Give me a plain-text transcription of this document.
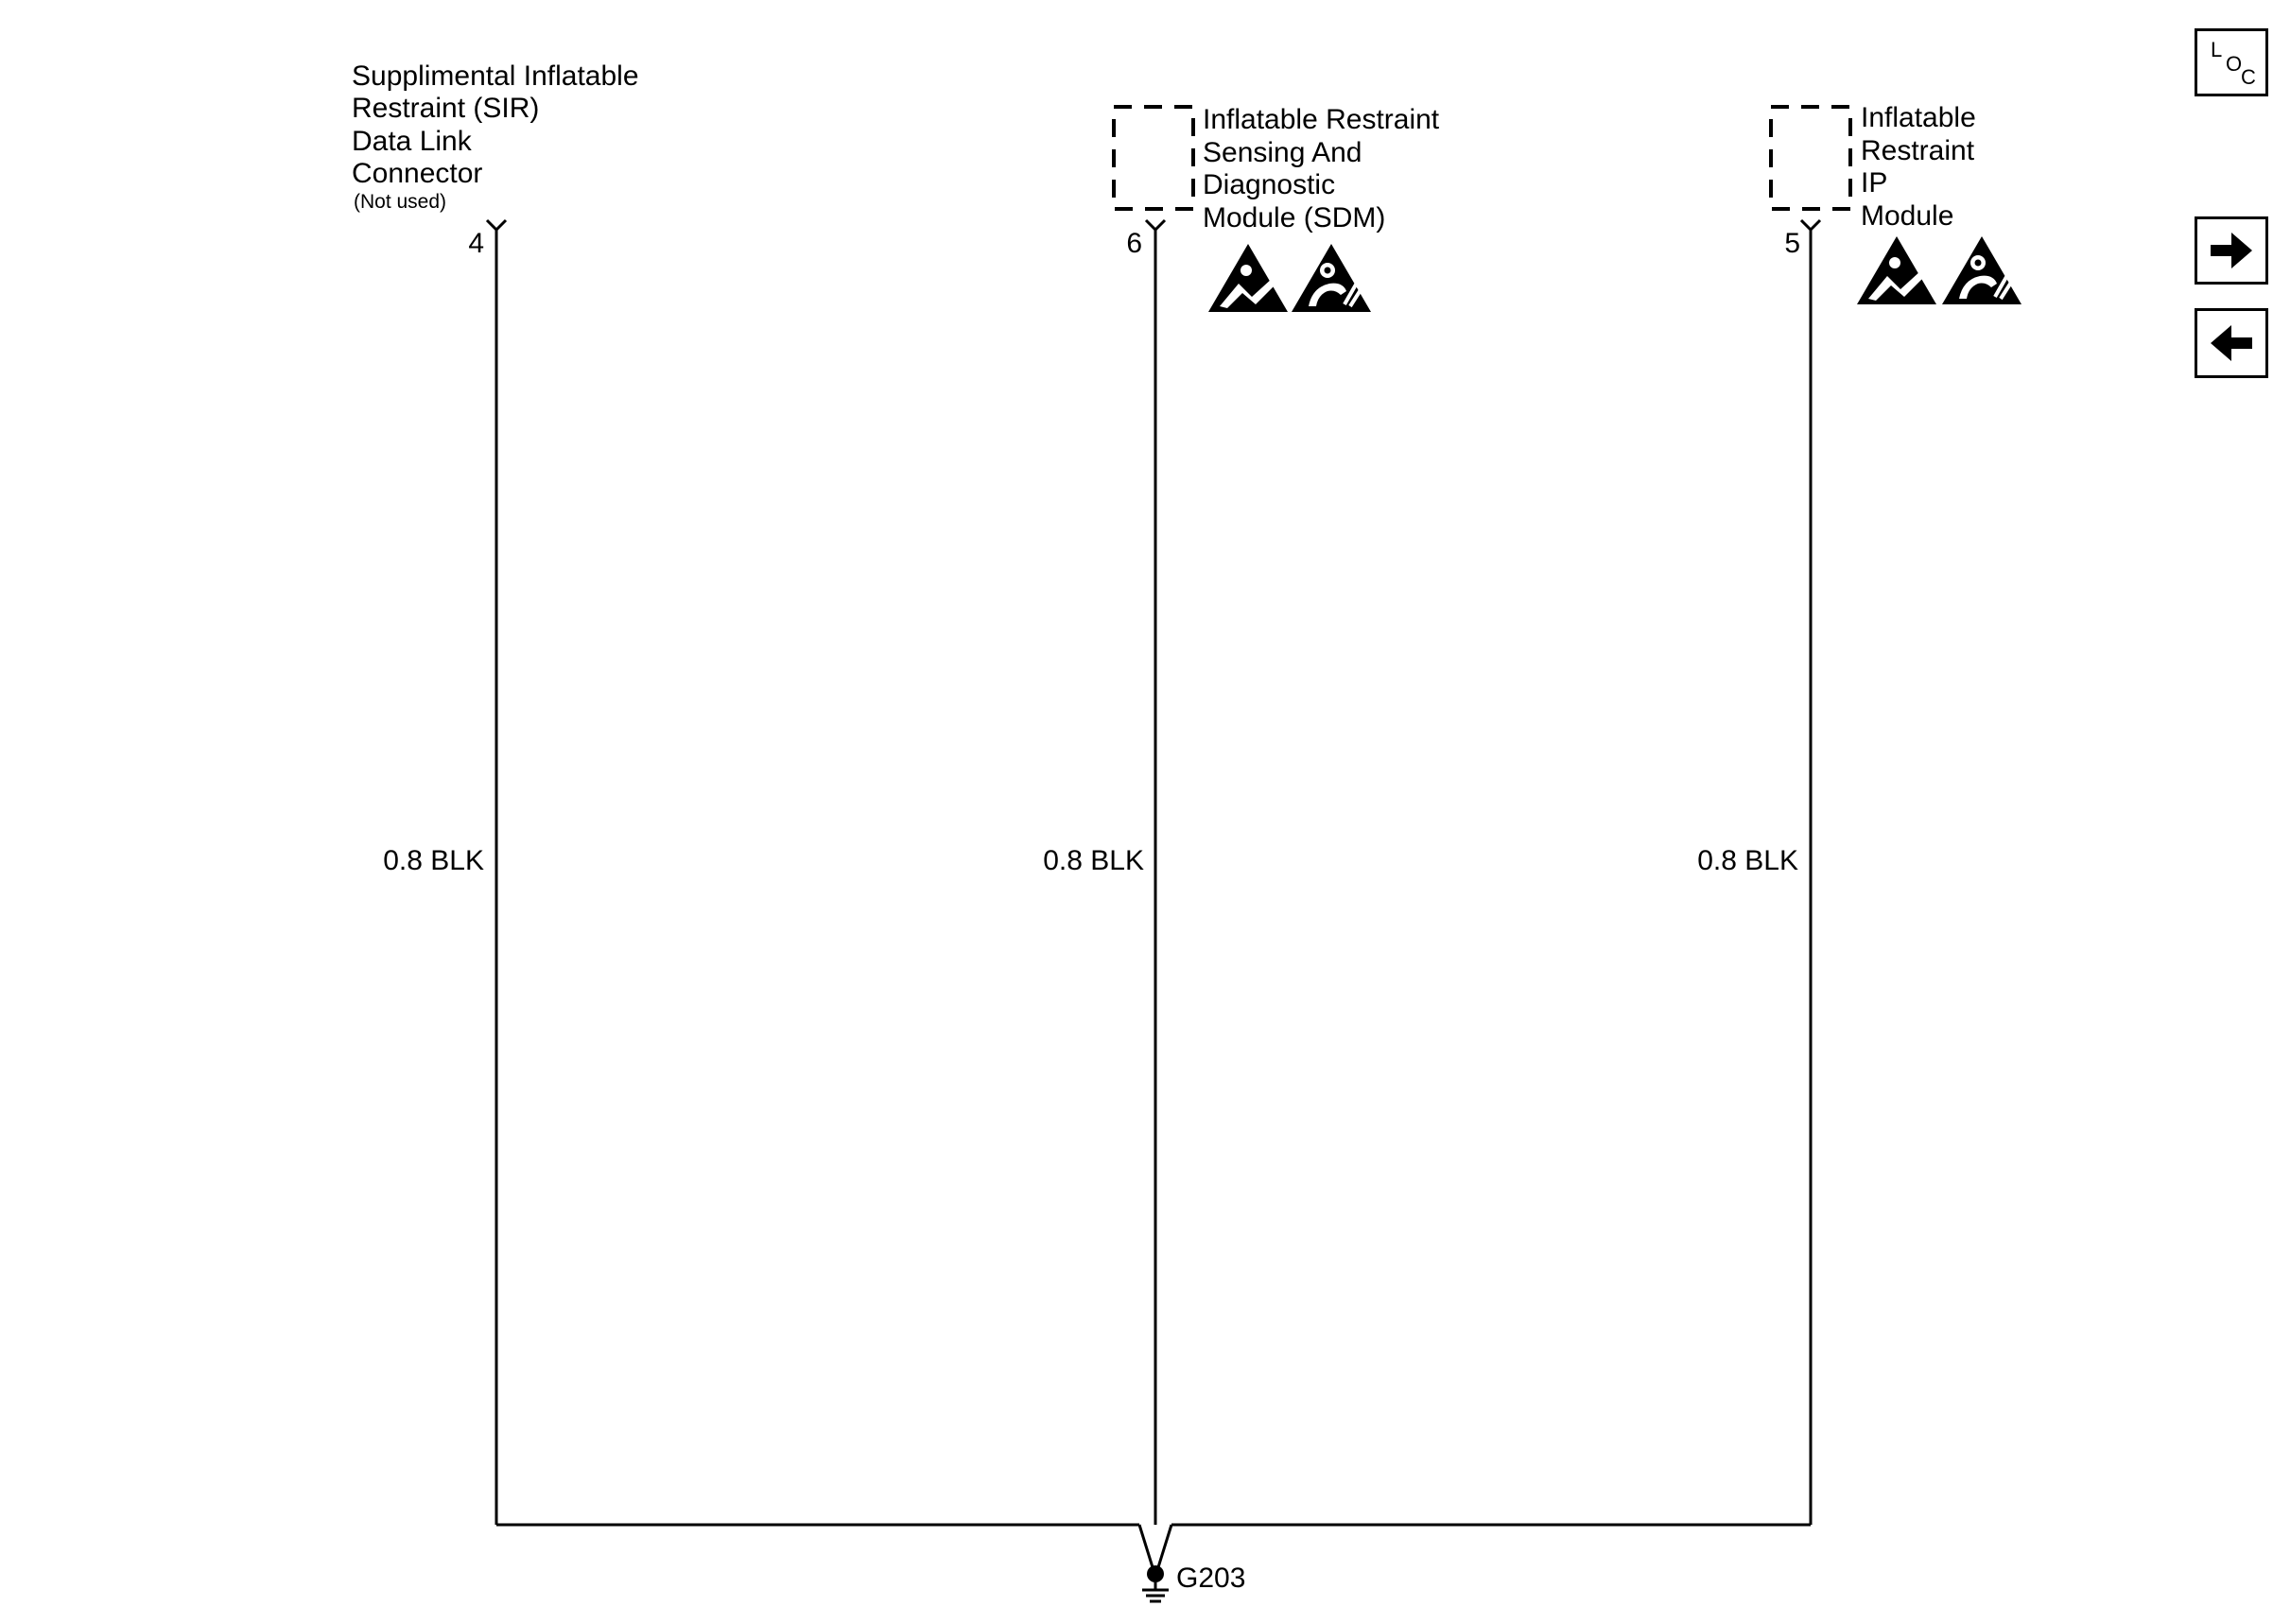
Supplimental Inflatable
Restraint (SIR)
Data Link
Connector
(Not used)
4
0.8 BLK
Inflatable Restraint
Sensing And
Diagnostic
Module (SDM)
6
0.8 BLK
Inflatable
Restraint
IP
Module
5
0.8 BLK
G203
L
O
C
